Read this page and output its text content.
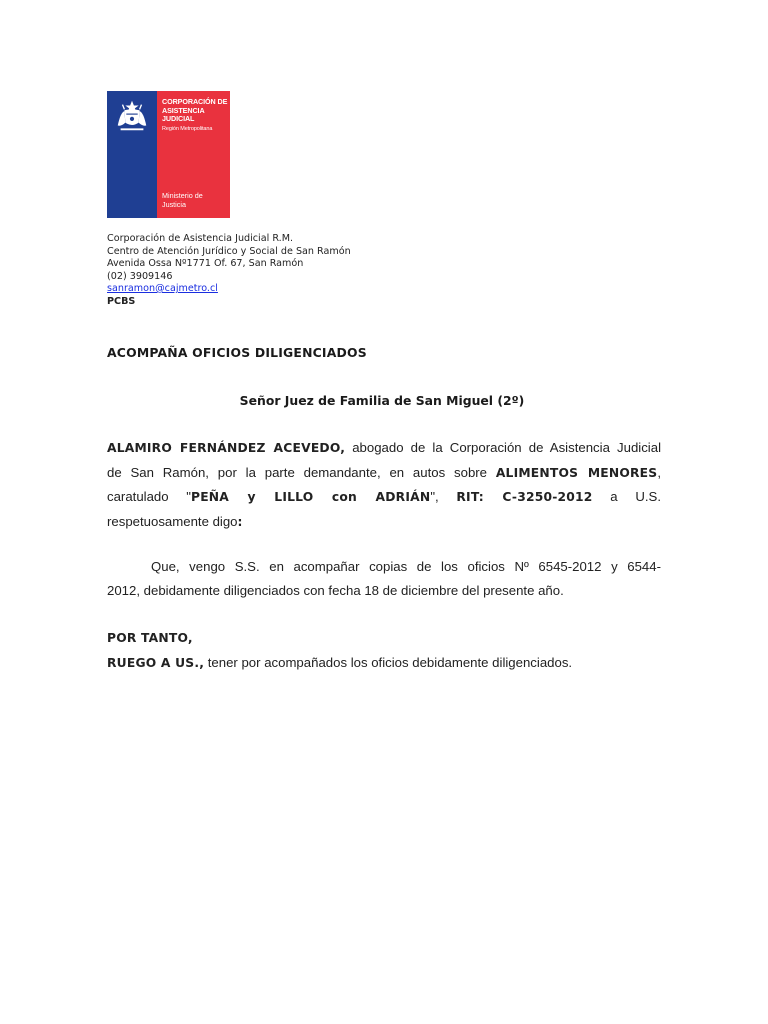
CORPORACIÓN DE
ASISTENCIA
JUDICIAL
Región Metropolitana
Ministerio de
Justicia
Corporación de Asistencia Judicial R.M.
Centro de Atención Jurídico y Social de San Ramón
Avenida Ossa Nº1771 Of. 67, San Ramón
(02) 3909146
sanramon@cajmetro.cl
PCBS
ACOMPAÑA OFICIOS DILIGENCIADOS
Señor Juez de Familia de San Miguel (2º)
ALAMIRO FERNÁNDEZ ACEVEDO, abogado de la Corporación de Asistencia Judicial
de San Ramón, por la parte demandante, en autos sobre ALIMENTOS MENORES,
caratulado "PEÑA y LILLO con ADRIÁN", RIT: C-3250-2012 a U.S.
respetuosamente digo:
Que, vengo S.S. en acompañar copias de los oficios Nº 6545-2012 y 6544-
2012, debidamente diligenciados con fecha 18 de diciembre del presente año.
POR TANTO,
RUEGO A US., tener por acompañados los oficios debidamente diligenciados.
